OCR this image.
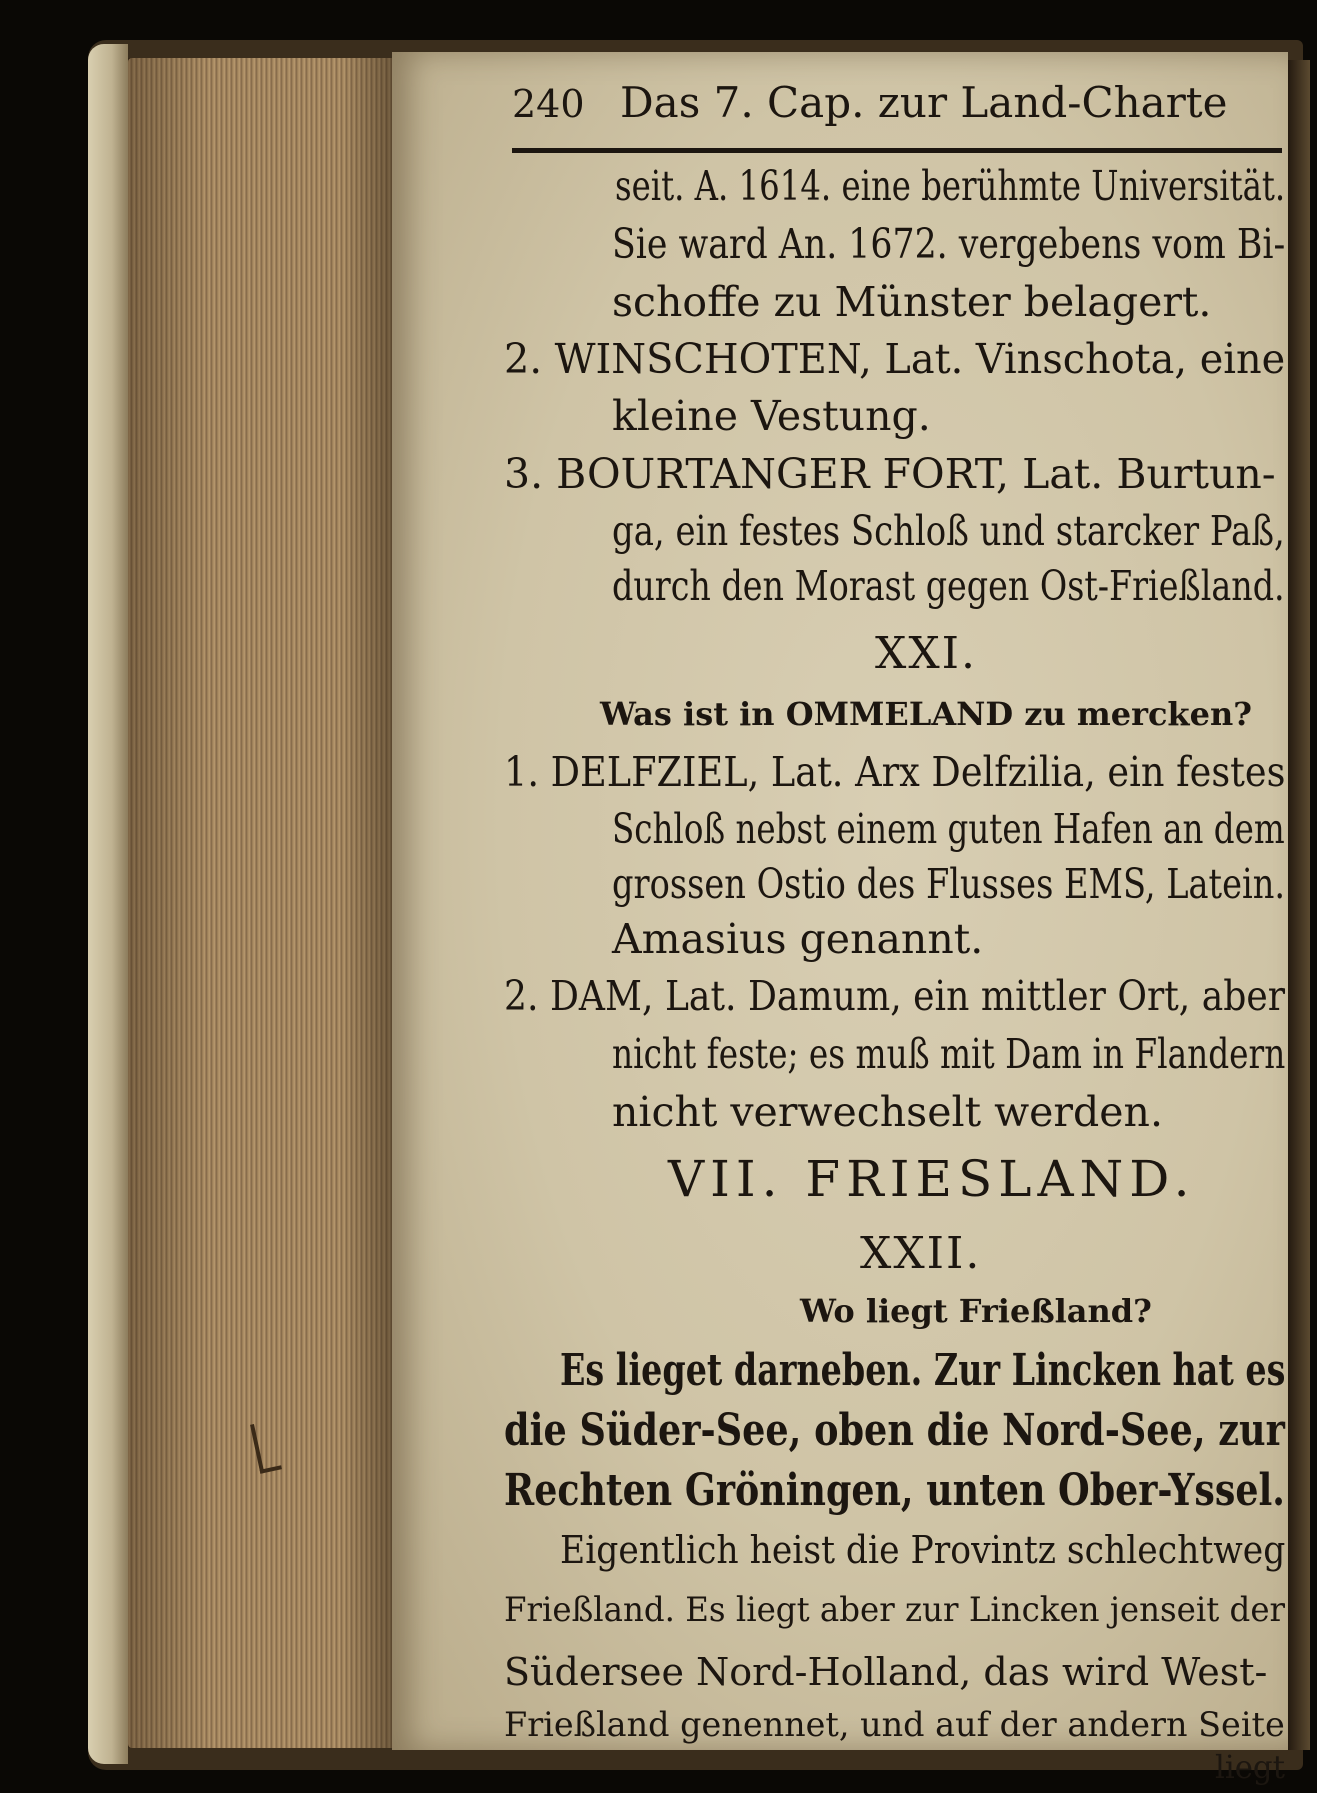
240 Das 7. Cap. zur Land-Charte
seit. A. 1614. eine berühmte Universität.
Sie ward An. 1672. vergebens vom Bi-
schoffe zu Münster belagert.
2. WINSCHOTEN, Lat. Vinschota, eine
kleine Vestung.
3. BOURTANGER FORT, Lat. Burtun-
ga, ein festes Schloß und starcker Paß,
durch den Morast gegen Ost-Frießland.
XXI.
Was ist in OMMELAND zu mercken?
1. DELFZIEL, Lat. Arx Delfzilia, ein festes
Schloß nebst einem guten Hafen an dem
grossen Ostio des Flusses EMS, Latein.
Amasius genannt.
2. DAM, Lat. Damum, ein mittler Ort, aber
nicht feste; es muß mit Dam in Flandern
nicht verwechselt werden.
VII. FRIESLAND.
XXII.
Wo liegt Frießland?
Es lieget darneben. Zur Lincken hat es
die Süder-See, oben die Nord-See, zur
Rechten Gröningen, unten Ober-Yssel.
Eigentlich heist die Provintz schlechtweg
Frießland. Es liegt aber zur Lincken jenseit der
Südersee Nord-Holland, das wird West-
Frießland genennet, und auf der andern Seite
liegt
